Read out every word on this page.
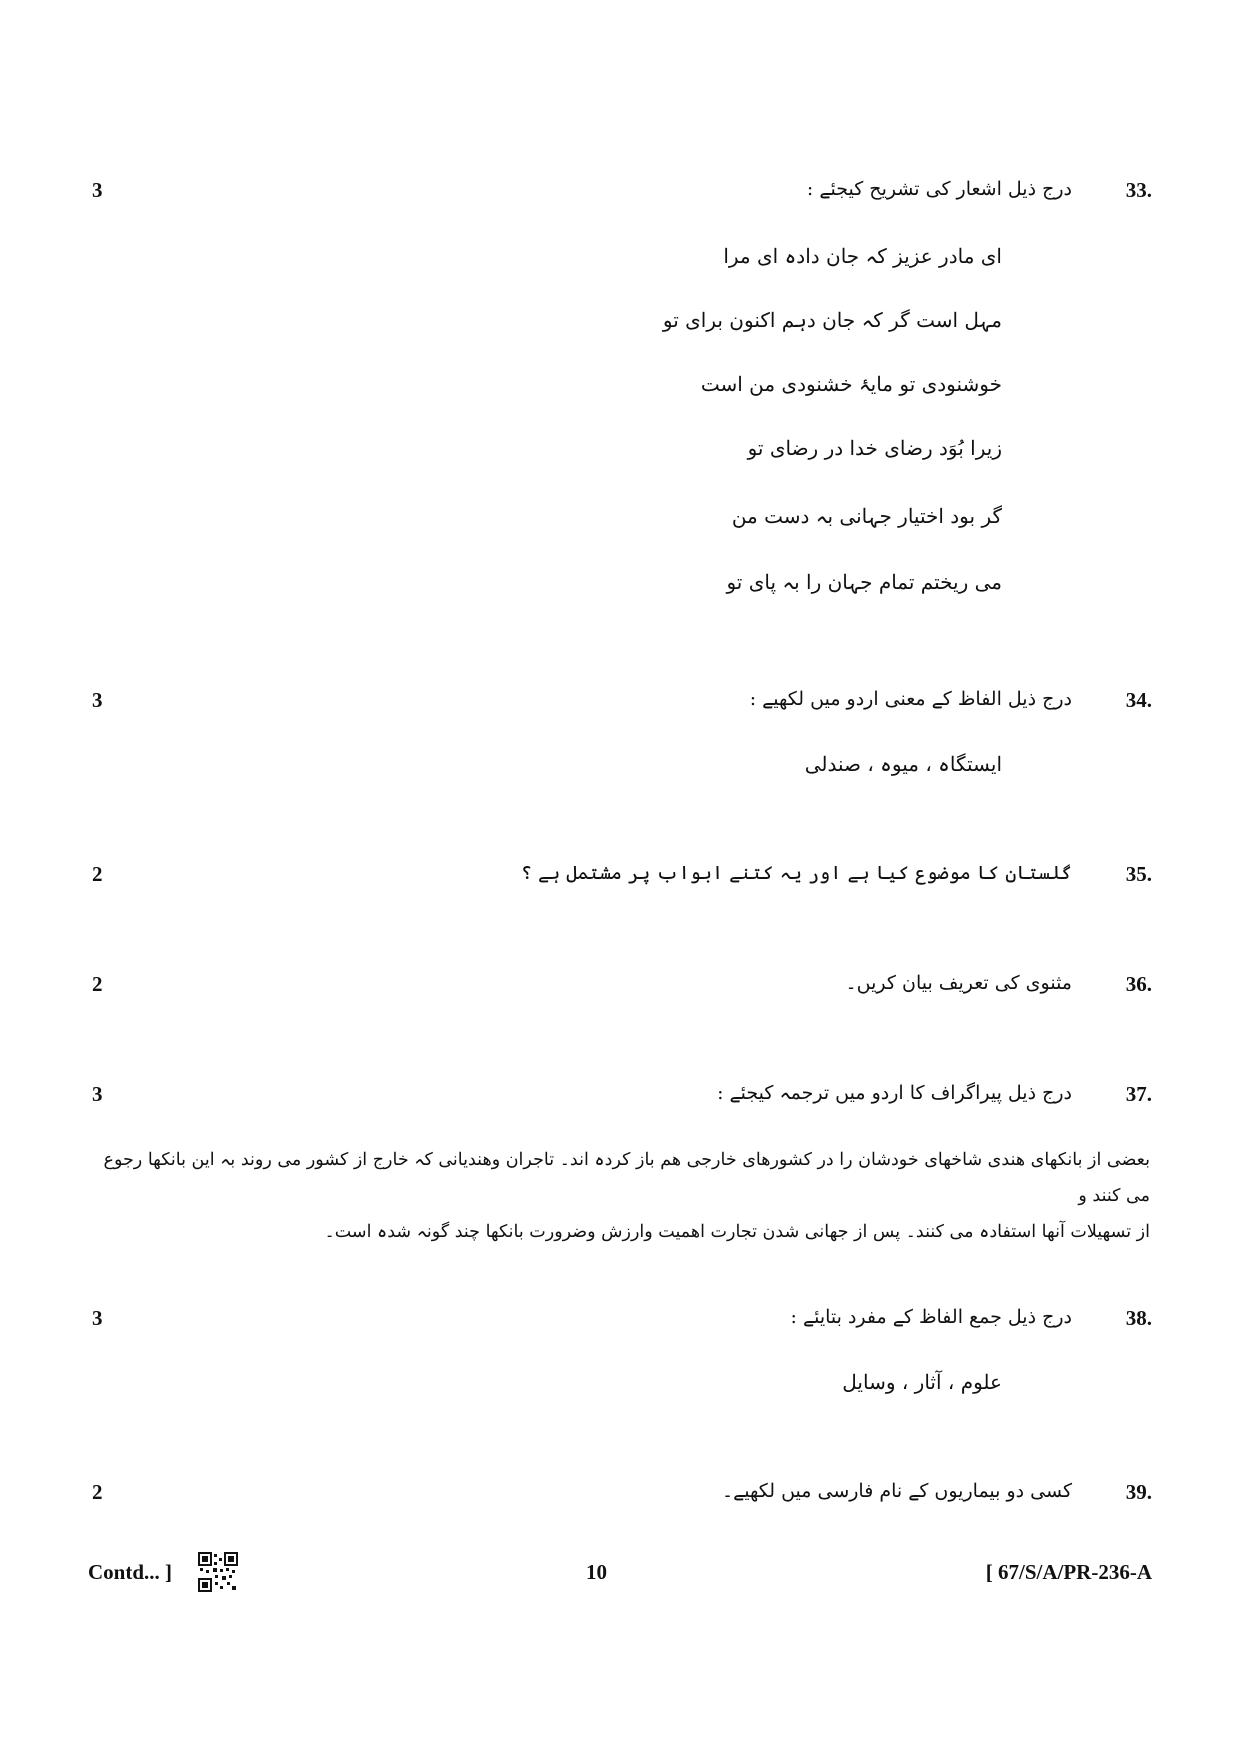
3	درج ذیل اشعار کی تشریح کیجئے :	33.
ای مادر عزیز کہ جان دادہ ای مرا
مہل است گر کہ جان دہم اکنون برای تو
خوشنودی تو مایۂ خشنودی من است
زیرا بُوَد رضای خدا در رضای تو
گر بود اختیار جہانی بہ دست من
می ریختم تمام جہان را بہ پای تو
3	درج ذیل الفاظ کے معنی اردو میں لکھیے :	34.
ایستگاہ ، میوہ ، صندلی
2	گلستان کا موضوع کیا ہے اور یہ کتنے ابواب پر مشتمل ہے ؟	35.
2	مثنوی کی تعریف بیان کریں۔	36.
3	درج ذیل پیراگراف کا اردو میں ترجمہ کیجئے :	37.
بعضی از بانکھای ھندی شاخھای خودشان را در کشورھای خارجی ھم باز کردہ اند۔ تاجران وھندیانی کہ خارج از کشور می روند بہ این بانکھا رجوع می کنند و
از تسھیلات آنھا استفادہ می کنند۔ پس از جھانی شدن تجارت اھمیت وارزش وضرورت بانکھا چند گونہ شدہ است۔
3	درج ذیل جمع الفاظ کے مفرد بتایئے :	38.
علوم ، آثار ، وسایل
2	کسی دو بیماریوں کے نام فارسی میں لکھیے۔	39.
Contd... ]	10	[ 67/S/A/PR-236-A
